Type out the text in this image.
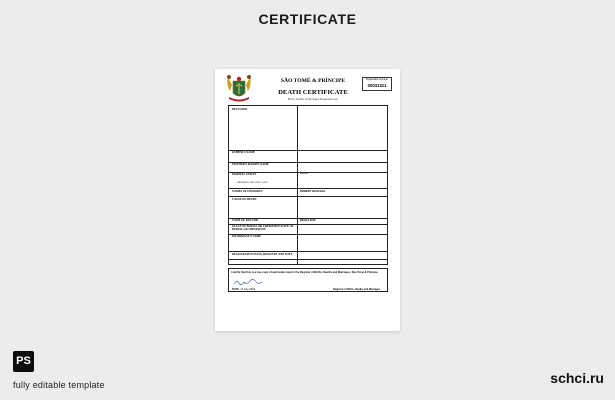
CERTIFICATE
SÃO TOMÉ & PRÍNCIPE
DEATH CERTIFICATE
Births, Deaths & Marriages Registration Act
Registration Number
00041321
DECEASED
FATHER'S NAME
MOTHER'S MAIDEN NAME
MARITAL STATUS	Married
MARRIAGE DATE AND PLACE
NAMES OF CHILDREN	ROBERT NASCOLE
CAUSE OF DEATH
NAME OF DOCTOR	BELDA RUS
PLACE OF BURIAL OR CREMATION DATE OF BURIAL OR CREMATION
INFORMANT'S NAME
REGISTRATION DATA, REGISTRY AND DATE
I certify that this is a true copy of particulars kept in the Register of Births, Deaths and Marriages, São Tomé & Príncipe.
DATE  17 July 2023	Registrar of Births, Deaths and Marriages
PS
fully editable template	schci.ru
